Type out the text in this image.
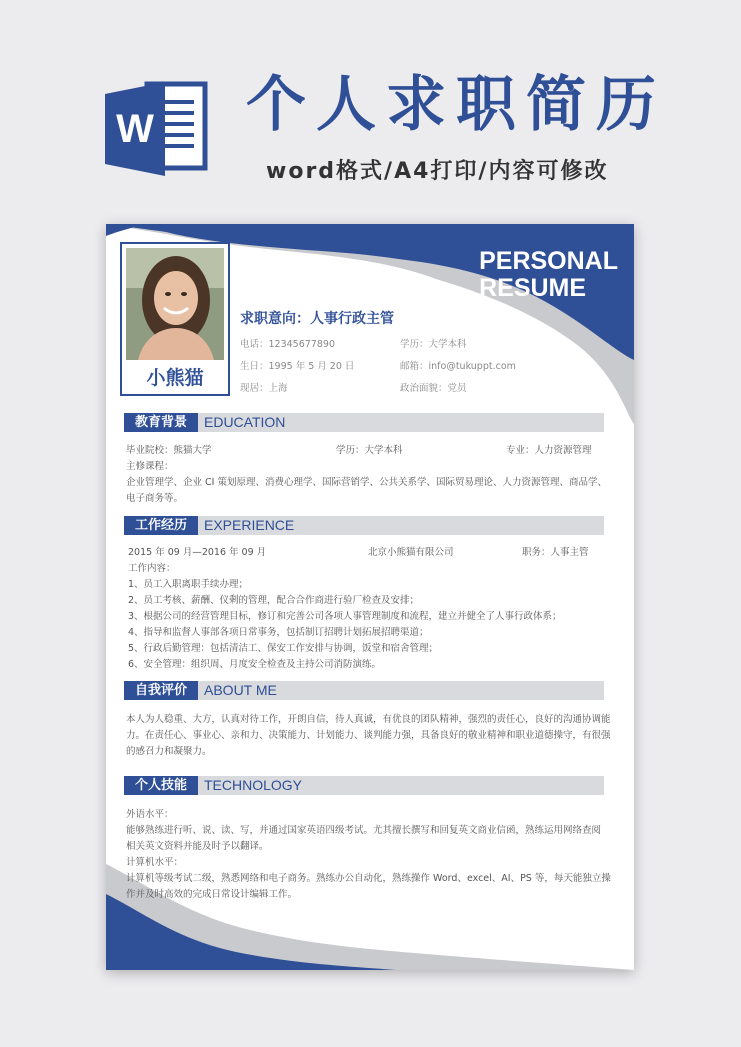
W 个人求职简历
word格式/A4打印/内容可修改
PERSONAL
RESUME
小熊猫
求职意向：人事行政主管
电话：12345677890	学历：大学本科
生日：1995 年 5 月 20 日	邮箱：info@tukuppt.com
现居：上海	政治面貌：党员
教育背景	EDUCATION
毕业院校：熊猫大学	学历：大学本科	专业：人力资源管理
主修课程：
企业管理学、企业 CI 策划原理、消费心理学、国际营销学、公共关系学、国际贸易理论、人力资源管理、商品学、
电子商务等。
工作经历	EXPERIENCE
2015 年 09 月—2016 年 09 月	北京小熊猫有限公司	职务：人事主管
工作内容：
1、员工入职离职手续办理；
2、员工考核、薪酬、仪剩的管理，配合合作商进行验厂检查及安排；
3、根据公司的经营管理目标，修订和完善公司各项人事管理制度和流程，建立并健全了人事行政体系；
4、指导和监督人事部各项日常事务，包括制订招聘计划拓展招聘渠道；
5、行政后勤管理：包括清洁工、保安工作安排与协调，饭堂和宿舍管理；
6、安全管理：组织周、月度安全检查及主持公司消防演练。
自我评价	ABOUT ME
本人为人稳重、大方，认真对待工作，开朗自信，待人真诚，有优良的团队精神，强烈的责任心，良好的沟通协调能
力。在责任心、事业心、亲和力、决策能力、计划能力、谈判能力强，具备良好的敬业精神和职业道德操守，有很强
的感召力和凝聚力。
个人技能	TECHNOLOGY
外语水平：
能够熟练进行听、说、读、写，并通过国家英语四级考试。尤其擅长撰写和回复英文商业信函，熟练运用网络查阅
相关英文资料并能及时予以翻译。
计算机水平：
计算机等级考试二级，熟悉网络和电子商务。熟练办公自动化，熟练操作 Word、excel、AI、PS 等，每天能独立操
作并及时高效的完成日常设计编辑工作。
